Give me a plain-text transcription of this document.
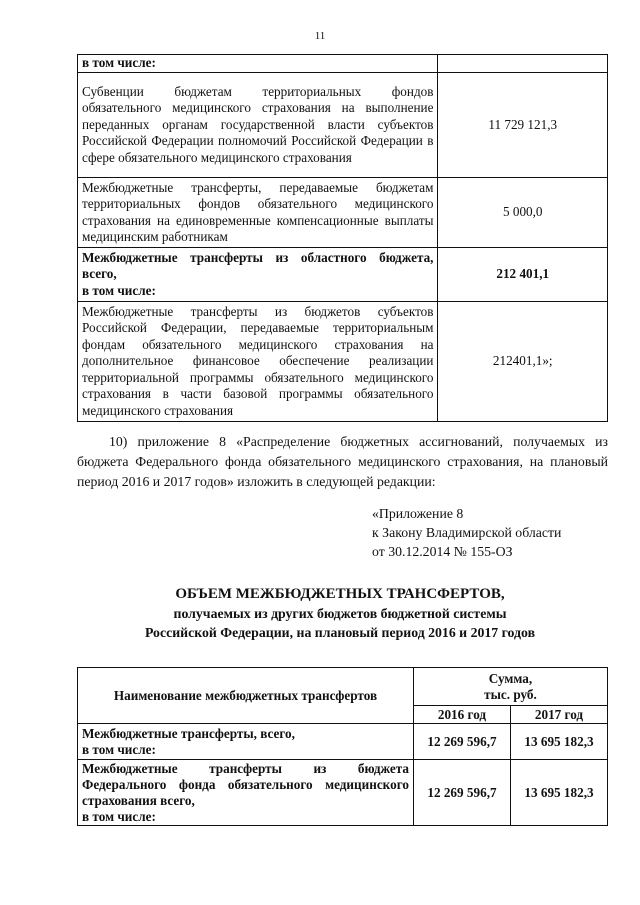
11
в том числе:	
Субвенции бюджетам территориальных фондов обязательного медицинского страхования на выполнение переданных органам государственной власти субъектов Российской Федерации полномочий Российской Федерации в сфере обязательного медицинского страхования	11 729 121,3
Межбюджетные трансферты, передаваемые бюджетам территориальных фондов обязательного медицинского страхования на единовременные компенсационные выплаты медицинским работникам	5 000,0

Межбюджетные трансферты из областного бюджета, всего,
в том числе:	212 401,1
Межбюджетные трансферты из бюджетов субъектов Российской Федерации, передаваемые территориальным фондам обязательного медицинского страхования на дополнительное финансовое обеспечение реализации территориальной программы обязательного медицинского страхования в части базовой программы обязательного медицинского страхования	212401,1»;
10) приложение 8 «Распределение бюджетных ассигнований, получаемых из бюджета Федерального фонда обязательного медицинского страхования, на плановый период 2016 и 2017 годов» изложить в следующей редакции:
«Приложение 8
к Закону Владимирской области
от 30.12.2014 № 155-ОЗ
ОБЪЕМ МЕЖБЮДЖЕТНЫХ ТРАНСФЕРТОВ,
получаемых из других бюджетов бюджетной системы
Российской Федерации, на плановый период 2016 и 2017 годов
Наименование межбюджетных трансфертов	Сумма,
тыс. руб.	

	2016 год	2017 год

Межбюджетные трансферты, всего,
в том числе:	12 269 596,7	13 695 182,3

Межбюджетные трансферты из бюджета Федерального фонда обязательного медицинского страхования всего,
в том числе:	12 269 596,7	13 695 182,3
